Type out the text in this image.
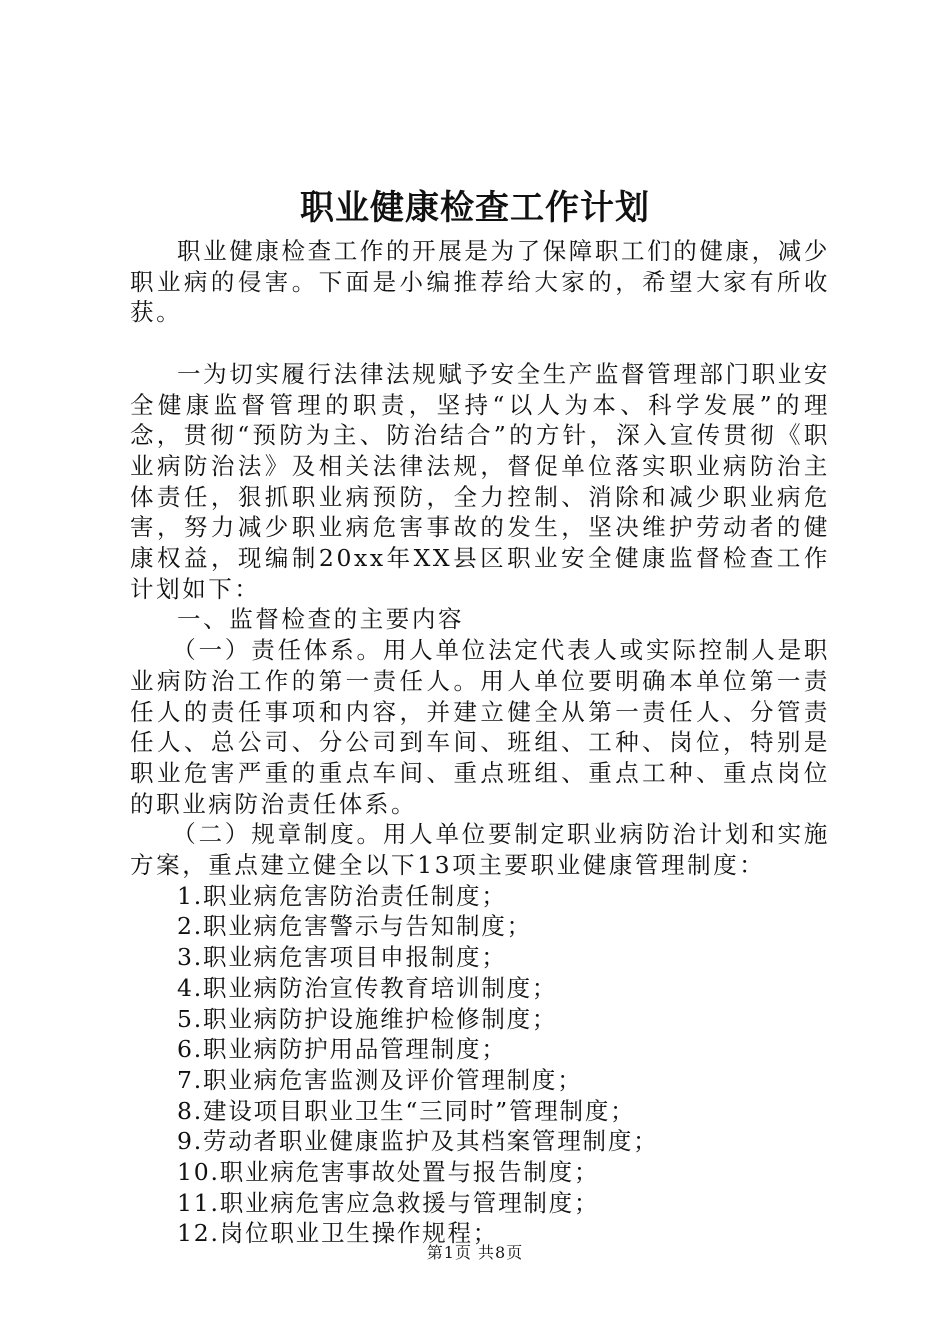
职业健康检查工作计划

职业健康检查工作的开展是为了保障职工们的健康，减少职业病的侵害。下面是小编推荐给大家的，希望大家有所收获。

一为切实履行法律法规赋予安全生产监督管理部门职业安全健康监督管理的职责，坚持“以人为本、科学发展”的理念，贯彻“预防为主、防治结合”的方针，深入宣传贯彻《职业病防治法》及相关法律法规，督促单位落实职业病防治主体责任，狠抓职业病预防，全力控制、消除和减少职业病危害，努力减少职业病危害事故的发生，坚决维护劳动者的健康权益，现编制20xx年XX县区职业安全健康监督检查工作计划如下：

一、监督检查的主要内容

（一）责任体系。用人单位法定代表人或实际控制人是职业病防治工作的第一责任人。用人单位要明确本单位第一责任人的责任事项和内容，并建立健全从第一责任人、分管责任人、总公司、分公司到车间、班组、工种、岗位，特别是职业危害严重的重点车间、重点班组、重点工种、重点岗位的职业病防治责任体系。

（二）规章制度。用人单位要制定职业病防治计划和实施方案，重点建立健全以下13项主要职业健康管理制度：

1.职业病危害防治责任制度；

2.职业病危害警示与告知制度；

3.职业病危害项目申报制度；

4.职业病防治宣传教育培训制度；

5.职业病防护设施维护检修制度；

6.职业病防护用品管理制度；

7.职业病危害监测及评价管理制度；

8.建设项目职业卫生“三同时”管理制度；

9.劳动者职业健康监护及其档案管理制度；

10.职业病危害事故处置与报告制度；

11.职业病危害应急救援与管理制度；

12.岗位职业卫生操作规程；

第1页 共8页
